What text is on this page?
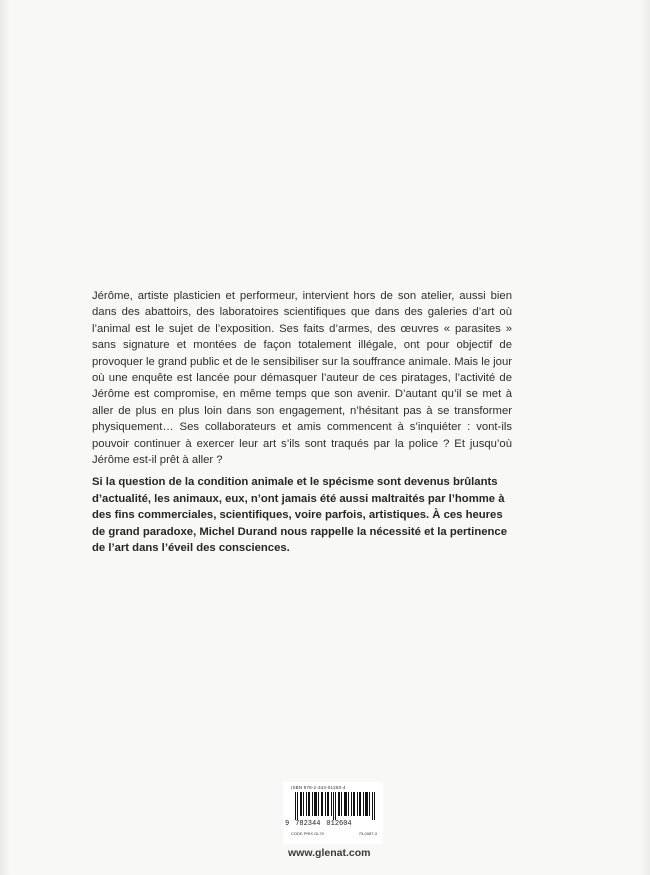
Jérôme, artiste plasticien et performeur, intervient hors de son atelier, aussi bien dans des abattoirs, des laboratoires scientifiques que dans des galeries d’art où l’animal est le sujet de l’exposition. Ses faits d’armes, des œuvres « parasites » sans signature et montées de façon totalement illégale, ont pour objectif de provoquer le grand public et de le sensibiliser sur la souffrance animale. Mais le jour où une enquête est lancée pour démasquer l’auteur de ces piratages, l’activité de Jérôme est compromise, en même temps que son avenir. D’autant qu’il se met à aller de plus en plus loin dans son engagement, n’hésitant pas à se transformer physiquement… Ses collaborateurs et amis commencent à s’inquiéter : vont-ils pouvoir continuer à exercer leur art s’ils sont traqués par la police ? Et jusqu’où Jérôme est-il prêt à aller ?

Si la question de la condition animale et le spécisme sont devenus brûlants d’actualité, les animaux, eux, n’ont jamais été aussi maltraités par l’homme à des fins commerciales, scientifiques, voire parfois, artistiques. À ces heures de grand paradoxe, Michel Durand nous rappelle la nécessité et la pertinence de l’art dans l’éveil des consciences.

ISBN 978-2-344-01260-4
9 782344 012604
CODE PRIX GL70	75-0087-3
www.glenat.com
